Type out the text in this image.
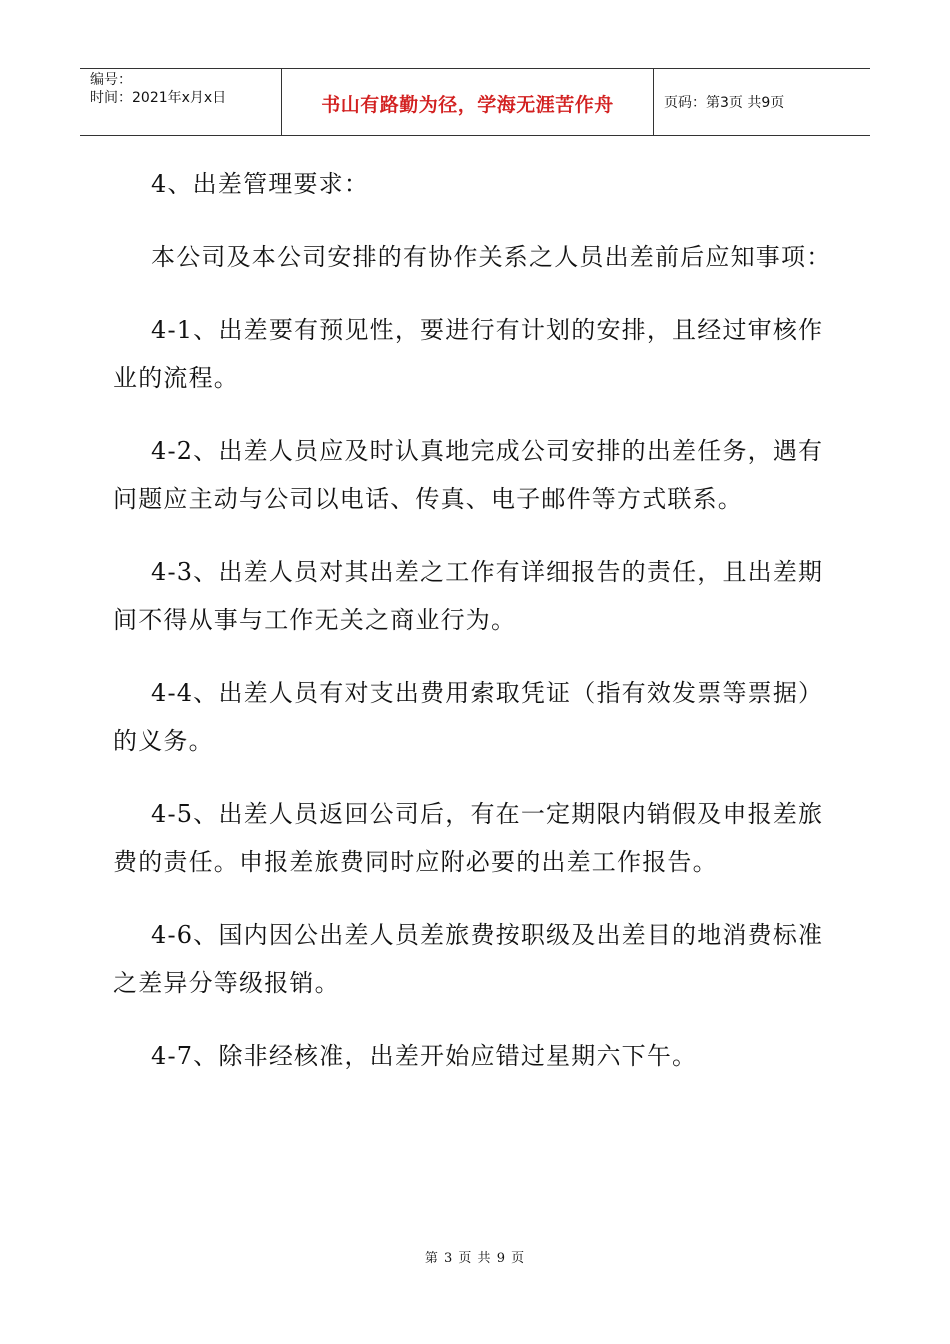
编号：
时间：2021年x月x日	书山有路勤为径，学海无涯苦作舟	页码：第3页 共9页

4、出差管理要求：

本公司及本公司安排的有协作关系之人员出差前后应知事项：

4-1、出差要有预见性，要进行有计划的安排，且经过审核作业的流程。

4-2、出差人员应及时认真地完成公司安排的出差任务，遇有问题应主动与公司以电话、传真、电子邮件等方式联系。

4-3、出差人员对其出差之工作有详细报告的责任，且出差期间不得从事与工作无关之商业行为。

4-4、出差人员有对支出费用索取凭证（指有效发票等票据）的义务。

4-5、出差人员返回公司后，有在一定期限内销假及申报差旅费的责任。申报差旅费同时应附必要的出差工作报告。

4-6、国内因公出差人员差旅费按职级及出差目的地消费标准之差异分等级报销。

4-7、除非经核准，出差开始应错过星期六下午。

第 3 页 共 9 页
